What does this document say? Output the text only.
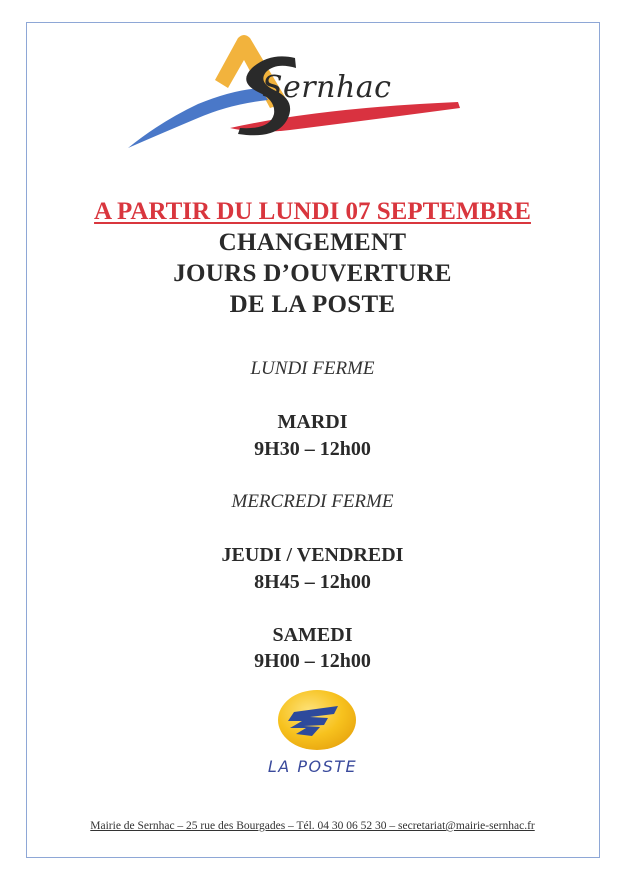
Sernhac
A PARTIR DU LUNDI 07 SEPTEMBRE
CHANGEMENT
JOURS D’OUVERTURE
DE LA POSTE
LUNDI FERME
MARDI
9H30 – 12h00
MERCREDI FERME
JEUDI / VENDREDI
8H45 – 12h00
SAMEDI
9H00 – 12h00
LA POSTE
Mairie de Sernhac – 25 rue des Bourgades – Tél. 04 30 06 52 30 – secretariat@mairie-sernhac.fr
